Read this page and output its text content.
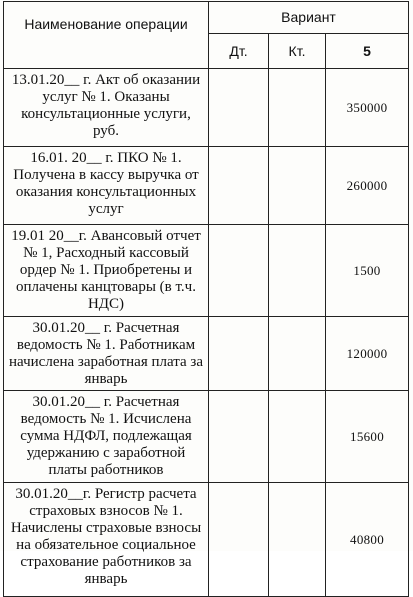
Наименование операции	Вариант		
	Дт.	Кт.	5
13.01.20__ г. Акт об оказании услуг № 1. Оказаны консультационные услуги, руб.			350000
16.01. 20__ г. ПКО № 1. Получена в кассу выручка от оказания консультационных услуг			260000
19.01 20__г. Авансовый отчет № 1, Расходный кассовый ордер № 1. Приобретены и оплачены канцтовары (в т.ч. НДС)			1500
30.01.20__ г. Расчетная ведомость № 1. Работникам начислена заработная плата за январь			120000
30.01.20__ г. Расчетная ведомость № 1. Исчислена сумма НДФЛ, подлежащая удержанию с заработной платы работников			15600
30.01.20__г. Регистр расчета страховых взносов № 1. Начислены страховые взносы на обязательное социальное страхование работников за январь			40800
